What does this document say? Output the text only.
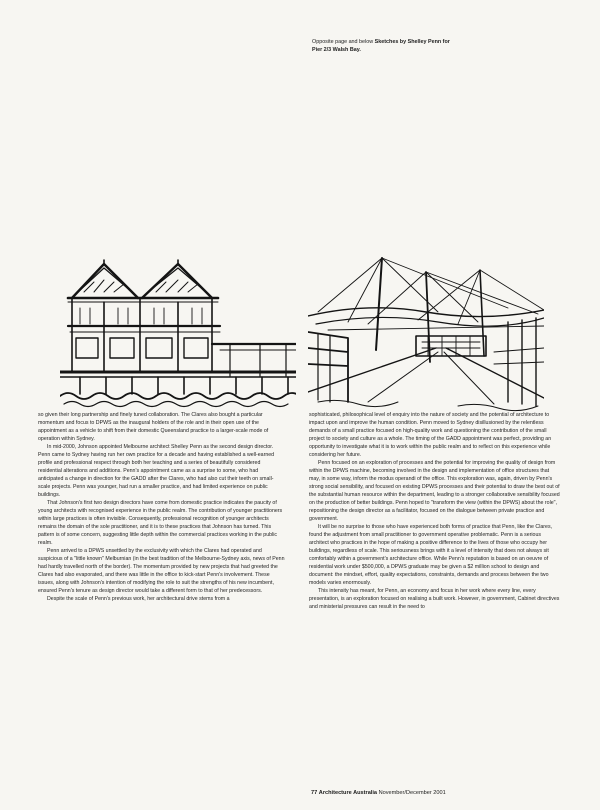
Opposite page and below Sketches by Shelley Penn for Pier 2/3 Walsh Bay.

so given their long partnership and finely tuned collaboration. The Clares also bought a particular momentum and focus to DPWS as the inaugural holders of the role and in their open use of the appointment as a vehicle to shift from their domestic Queensland practice to a larger-scale mode of operation within Sydney.

In mid-2000, Johnson appointed Melbourne architect Shelley Penn as the second design director. Penn came to Sydney having run her own practice for a decade and having established a well-earned profile and professional respect through both her teaching and a series of beautifully considered residential alterations and additions. Penn's appointment came as a surprise to some, who had anticipated a change in direction for the GADD after the Clares, who had also cut their teeth on small-scale projects. Penn was younger, had run a smaller practice, and had limited experience on public buildings.

That Johnson's first two design directors have come from domestic practice indicates the paucity of young architects with recognised experience in the public realm. The contribution of younger practitioners within large practices is often invisible. Consequently, professional recognition of younger architects remains the domain of the sole practitioner, and it is to these practices that Johnson has turned. This pattern is of some concern, suggesting little depth within the commercial practices working in the public realm.

Penn arrived to a DPWS unsettled by the exclusivity with which the Clares had operated and suspicious of a "little known" Melburnian (in the best tradition of the Melbourne-Sydney axis, news of Penn had hardly travelled north of the border). The momentum provided by new projects that had greeted the Clares had also evaporated, and there was little in the office to kick-start Penn's involvement. These issues, along with Johnson's intention of modifying the role to suit the strengths of his new incumbent, ensured Penn's tenure as design director would take a different form to that of her predecessors.

Despite the scale of Penn's previous work, her architectural drive stems from a

sophisticated, philosophical level of enquiry into the nature of society and the potential of architecture to impact upon and improve the human condition. Penn moved to Sydney disillusioned by the relentless demands of a small practice focused on high-quality work and questioning the contribution of the small project to society and culture as a whole. The timing of the GADD appointment was perfect, providing an opportunity to investigate what it is to work within the public realm and to reflect on this experience while considering her future.

Penn focused on an exploration of processes and the potential for improving the quality of design from within the DPWS machine, becoming involved in the design and implementation of office structures that may, in some way, inform the modus operandi of the office. This exploration was, again, driven by Penn's strong social sensibility, and focused on existing DPWS processes and their potential to draw the best out of the substantial human resource within the department, leading to a stronger collaborative sensibility focused on the production of better buildings. Penn hoped to "transform the view (within the DPWS) about the role", repositioning the design director as a facilitator, focused on the dialogue between private practice and government.

It will be no surprise to those who have experienced both forms of practice that Penn, like the Clares, found the adjustment from small practitioner to government operative problematic. Penn is a serious architect who practices in the hope of making a positive difference to the lives of those who occupy her buildings, regardless of scale. This seriousness brings with it a level of intensity that does not always sit comfortably within a government's architecture office. While Penn's reputation is based on an oeuvre of residential work under $500,000, a DPWS graduate may be given a $2 million school to design and document: the mindset, effort, quality expectations, constraints, demands and process between the two models varies enormously.

This intensity has meant, for Penn, an economy and focus in her work where every line, every presentation, is an exploration focused on realising a built work. However, in government, Cabinet directives and ministerial pressures can result in the need to

77 Architecture Australia November/December 2001
